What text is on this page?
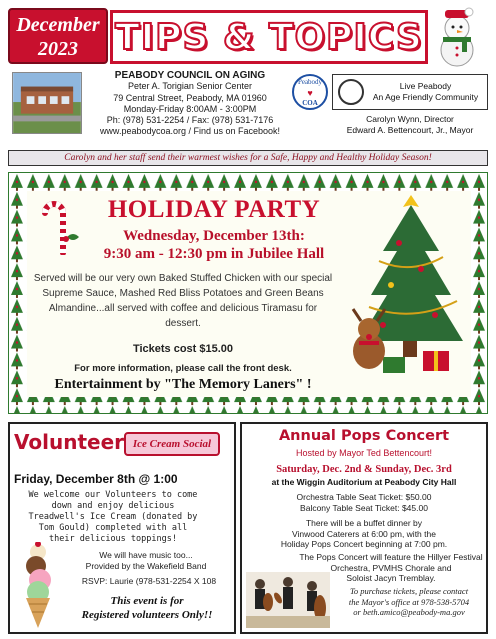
December
2023	TIPS & TOPICS
PEABODY COUNCIL ON AGING
Peter A. Torigian Senior Center
79 Central Street, Peabody, MA 01960
Monday-Friday 8:00AM - 3:00PM
Ph: (978) 531-2254 / Fax: (978) 531-7176
www.peabodycoa.org / Find us on Facebook!
Peabody
♥
COA
Live Peabody
An Age Friendly Community
Carolyn Wynn, Director
Edward A. Bettencourt, Jr., Mayor
Carolyn and her staff send their warmest wishes for a Safe, Happy and Healthy Holiday Season!
HOLIDAY PARTY
Wednesday, December 13th:
9:30 am - 12:30 pm in Jubilee Hall
Served will be our very own Baked Stuffed Chicken with our special Supreme Sauce, Mashed Red Bliss Potatoes and Green Beans Almandine...all served with coffee and delicious Tiramasu for dessert.
Tickets cost $15.00
For more information, please call the front desk.
Entertainment by "The Memory Laners" !
Volunteer Ice Cream Social
Friday, December 8th @ 1:00
We welcome our Volunteers to come down and enjoy delicious Treadwell's Ice Cream (donated by Tom Gould) completed with all their delicious toppings!
We will have music too...
Provided by the Wakefield Band
RSVP: Laurie (978-531-2254 X 108
This event is for
Registered volunteers Only!!
Annual Pops Concert
Hosted by Mayor Ted Bettencourt!
Saturday, Dec. 2nd & Sunday, Dec. 3rd
at the Wiggin Auditorium at Peabody City Hall
Orchestra Table Seat Ticket: $50.00
Balcony Table Seat Ticket: $45.00
There will be a buffet dinner by
Vinwood Caterers at 6:00 pm, with the
Holiday Pops Concert beginning at 7:00 pm.
The Pops Concert will feature the Hillyer Festival
Orchestra, PVMHS Chorale and
Soloist Jacyn Tremblay.
To purchase tickets, please contact
the Mayor's office at 978-538-5704
or beth.amico@peabody-ma.gov
